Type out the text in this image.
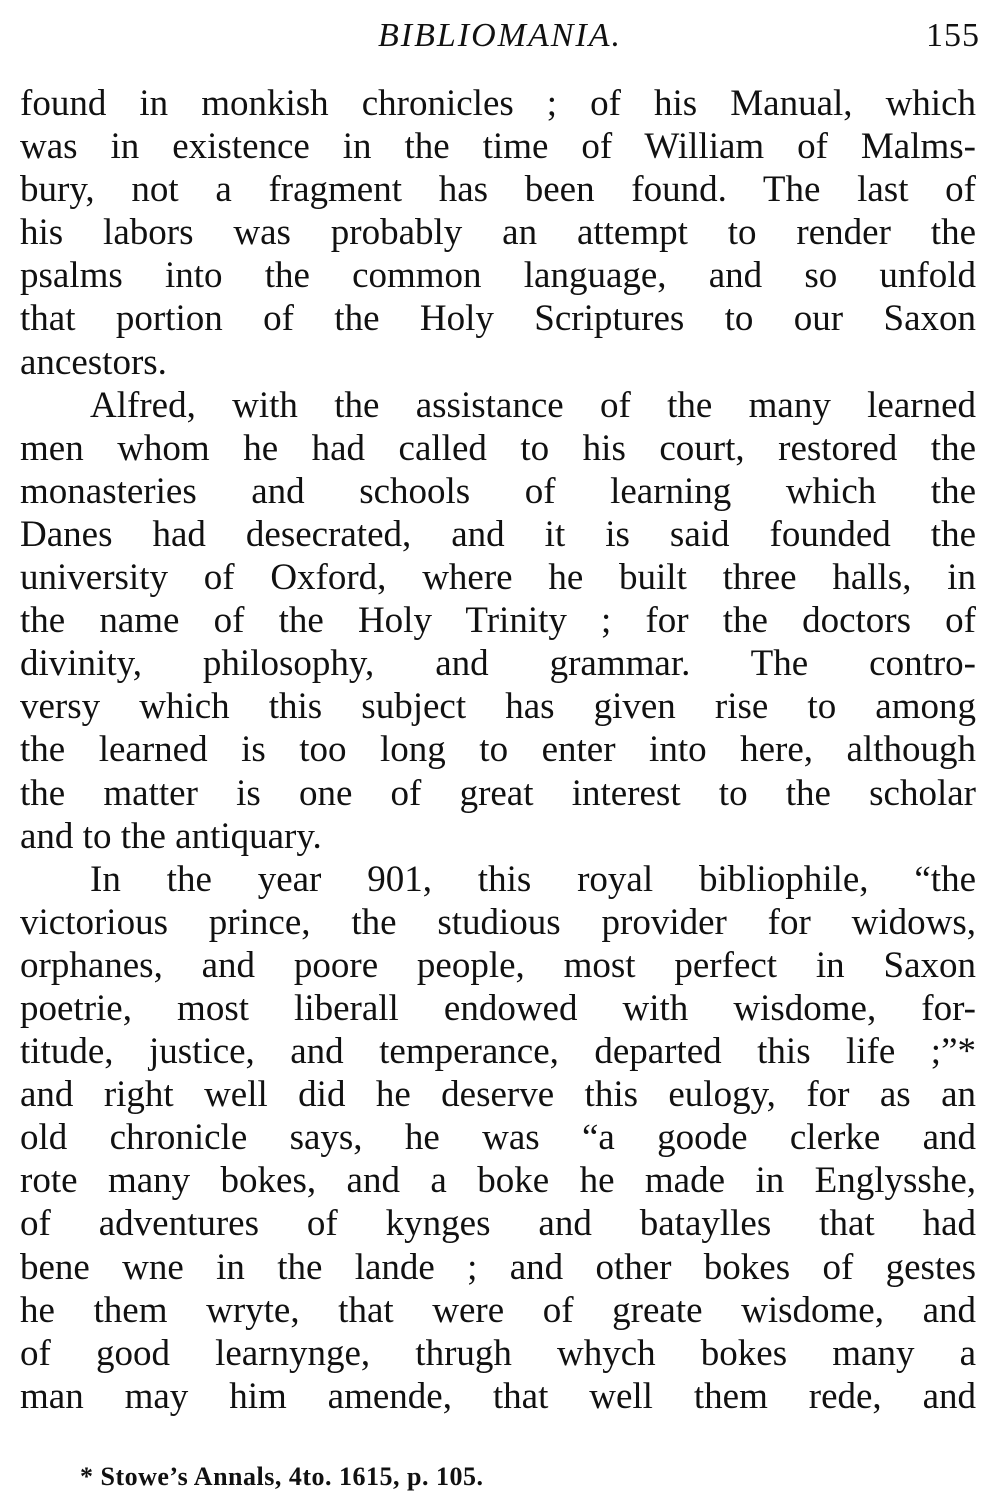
BIBLIOMANIA.	155
found in monkish chronicles ; of his Manual, which
was in existence in the time of William of Malms-
bury, not a fragment has been found. The last of
his labors was probably an attempt to render the
psalms into the common language, and so unfold
that portion of the Holy Scriptures to our Saxon
ancestors.
Alfred, with the assistance of the many learned
men whom he had called to his court, restored the
monasteries and schools of learning which the
Danes had desecrated, and it is said founded the
university of Oxford, where he built three halls, in
the name of the Holy Trinity ; for the doctors of
divinity, philosophy, and grammar. The contro-
versy which this subject has given rise to among
the learned is too long to enter into here, although
the matter is one of great interest to the scholar
and to the antiquary.
In the year 901, this royal bibliophile, “the
victorious prince, the studious provider for widows,
orphanes, and poore people, most perfect in Saxon
poetrie, most liberall endowed with wisdome, for-
titude, justice, and temperance, departed this life ;”*
and right well did he deserve this eulogy, for as an
old chronicle says, he was “a goode clerke and
rote many bokes, and a boke he made in Englysshe,
of adventures of kynges and bataylles that had
bene wne in the lande ; and other bokes of gestes
he them wryte, that were of greate wisdome, and
of good learnynge, thrugh whych bokes many a
man may him amende, that well them rede, and
* Stowe’s Annals, 4to. 1615, p. 105.
